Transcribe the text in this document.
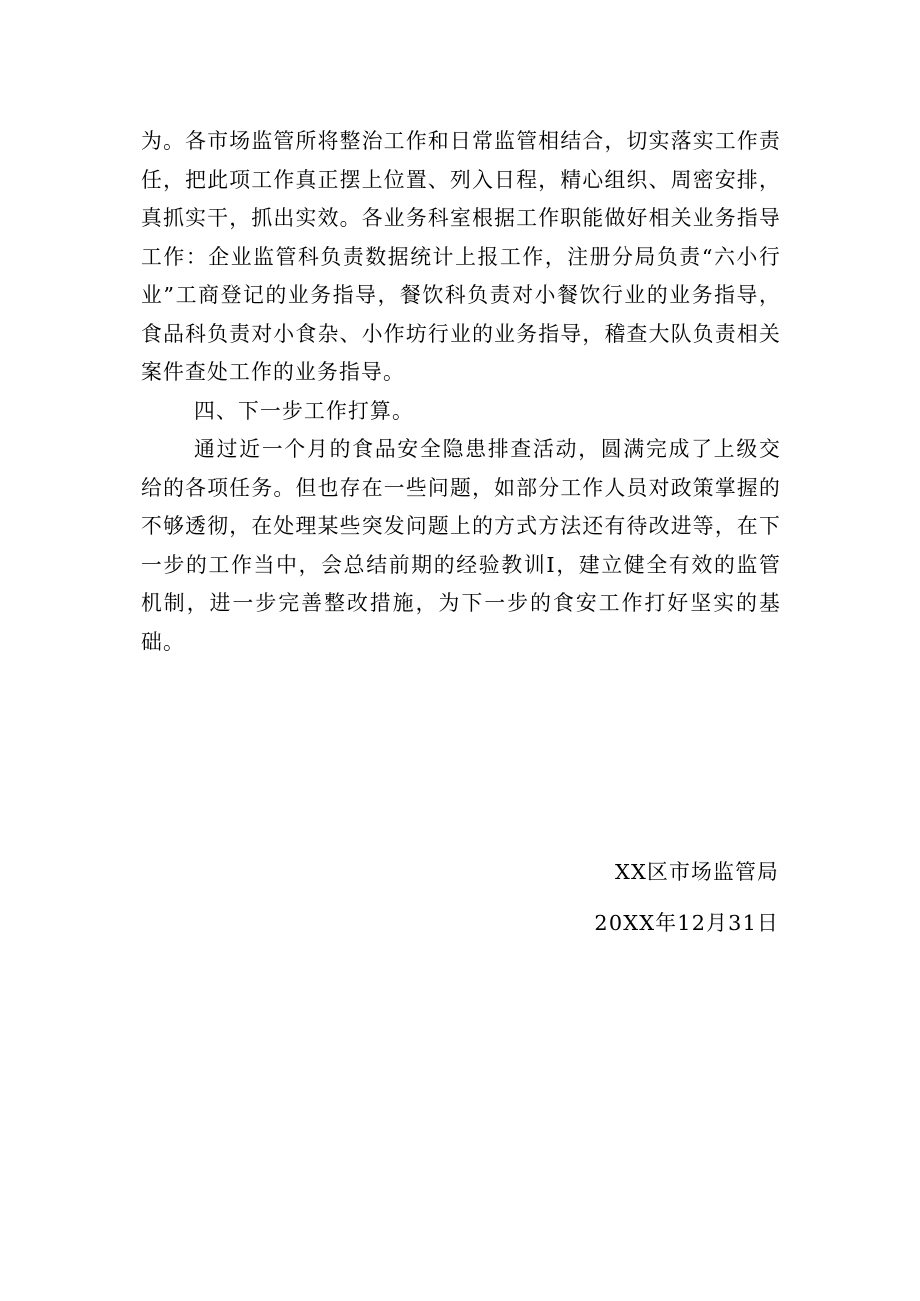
为。各市场监管所将整治工作和日常监管相结合，切实落实工作责任，把此项工作真正摆上位置、列入日程，精心组织、周密安排，真抓实干，抓出实效。各业务科室根据工作职能做好相关业务指导工作：企业监管科负责数据统计上报工作，注册分局负责“六小行业”工商登记的业务指导，餐饮科负责对小餐饮行业的业务指导，食品科负责对小食杂、小作坊行业的业务指导，稽查大队负责相关案件查处工作的业务指导。

四、下一步工作打算。

通过近一个月的食品安全隐患排查活动，圆满完成了上级交给的各项任务。但也存在一些问题，如部分工作人员对政策掌握的不够透彻，在处理某些突发问题上的方式方法还有待改进等，在下一步的工作当中，会总结前期的经验教训I，建立健全有效的监管机制，进一步完善整改措施，为下一步的食安工作打好坚实的基础。

XX区市场监管局
20XX年12月31日
